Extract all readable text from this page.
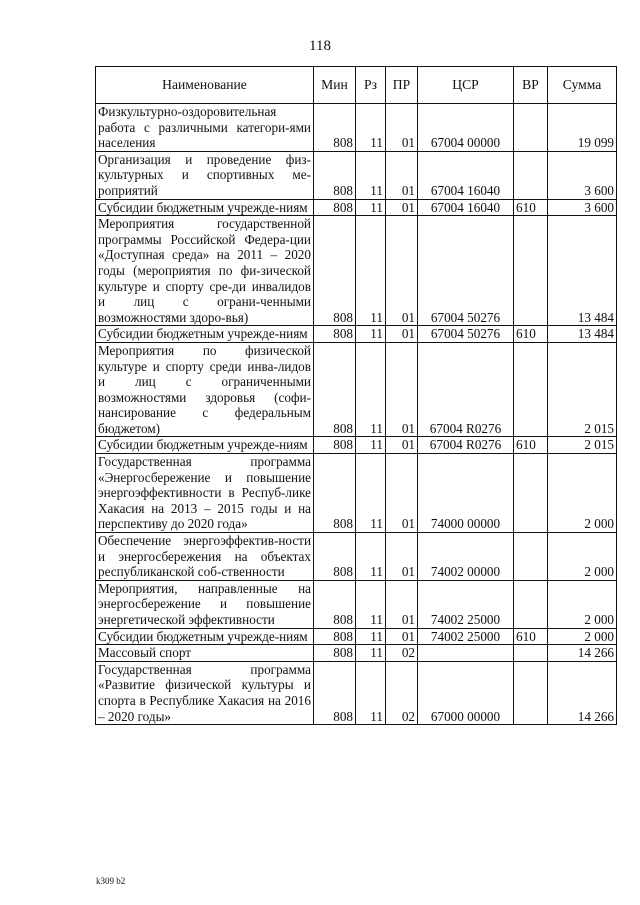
118
Наименование	Мин	Рз	ПР	ЦСР	ВР	Сумма
Физкультурно-оздоровительная работа с различными категори-ями населения	808	11	01	67004 00000		19 099
Организация и проведение физ-культурных и спортивных ме-роприятий	808	11	01	67004 16040		3 600
Субсидии бюджетным учрежде-ниям	808	11	01	67004 16040	610	3 600
Мероприятия государственной программы Российской Федера-ции «Доступная среда» на 2011 – 2020 годы (мероприятия по фи-зической культуре и спорту сре-ди инвалидов и лиц с ограни-ченными возможностями здоро-вья)	808	11	01	67004 50276		13 484
Субсидии бюджетным учрежде-ниям	808	11	01	67004 50276	610	13 484
Мероприятия по физической культуре и спорту среди инва-лидов и лиц с ограниченными возможностями здоровья (софи-нансирование с федеральным бюджетом)	808	11	01	67004 R0276		2 015
Субсидии бюджетным учрежде-ниям	808	11	01	67004 R0276	610	2 015
Государственная программа «Энергосбережение и повышение энергоэффективности в Респуб-лике Хакасия на 2013 – 2015 годы и на перспективу до 2020 года»	808	11	01	74000 00000		2 000
Обеспечение энергоэффектив-ности и энергосбережения на объектах республиканской соб-ственности	808	11	01	74002 00000		2 000
Мероприятия, направленные на энергосбережение и повышение энергетической эффективности	808	11	01	74002 25000		2 000
Субсидии бюджетным учрежде-ниям	808	11	01	74002 25000	610	2 000
Массовый спорт	808	11	02			14 266
Государственная программа «Развитие физической культуры и спорта в Республике Хакасия на 2016 – 2020 годы»	808	11	02	67000 00000		14 266
k309 b2
